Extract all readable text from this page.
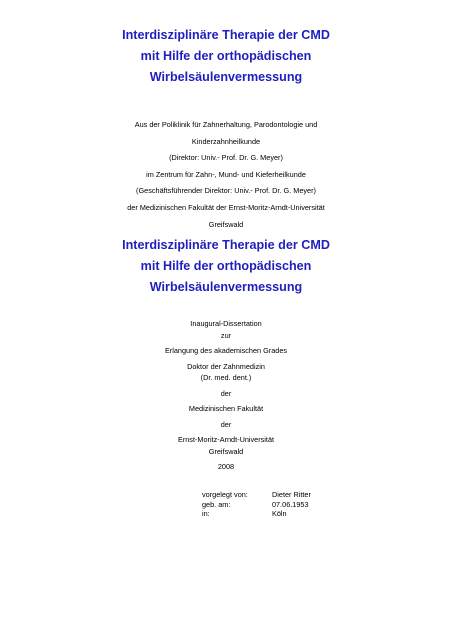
Interdisziplinäre Therapie der CMD
mit Hilfe der orthopädischen
Wirbelsäulenvermessung
Aus der Poliklinik für Zahnerhaltung, Parodontologie und
Kinderzahnheilkunde
(Direktor: Univ.- Prof. Dr. G. Meyer)
im Zentrum für Zahn-, Mund- und Kieferheilkunde
(Geschäftsführender Direktor: Univ.- Prof. Dr. G. Meyer)
der Medizinischen Fakultät der Ernst-Moritz-Arndt-Universität
Greifswald
Interdisziplinäre Therapie der CMD
mit Hilfe der orthopädischen
Wirbelsäulenvermessung
Inaugural-Dissertation
zur
Erlangung des akademischen Grades
Doktor der Zahnmedizin
(Dr. med. dent.)
der
Medizinischen Fakultät
der
Ernst-Moritz-Arndt-Universität
Greifswald
2008
vorgelegt von:	Dieter Ritter
geb. am:	07.06.1953
in:	Köln
